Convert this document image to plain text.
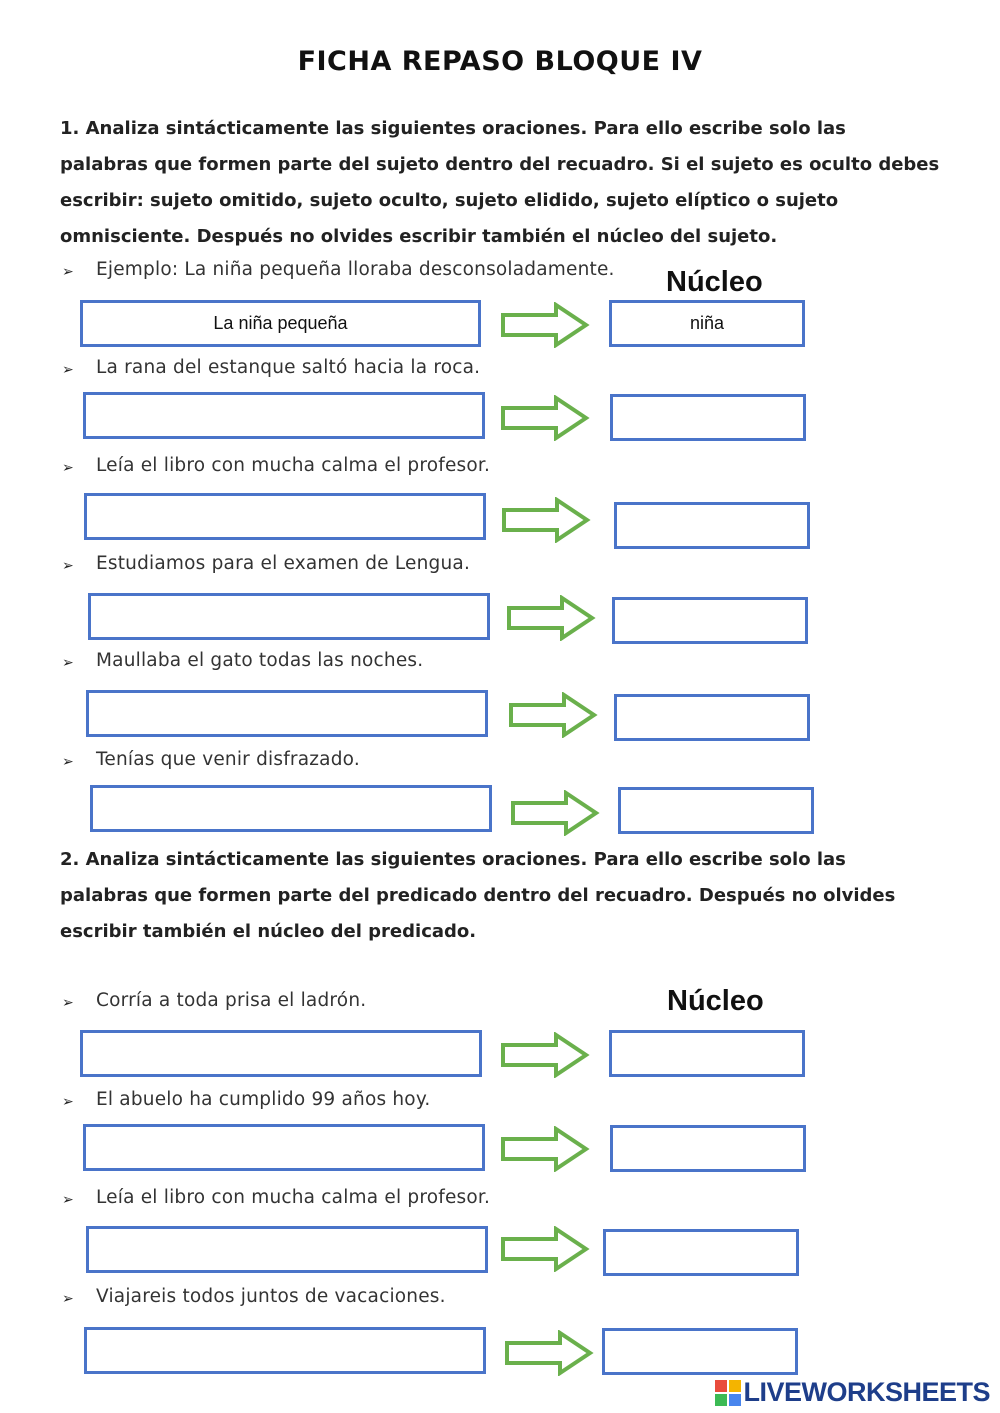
FICHA REPASO BLOQUE IV
1. Analiza sintácticamente las siguientes oraciones. Para ello escribe solo las palabras que formen parte del sujeto dentro del recuadro. Si el sujeto es oculto debes escribir: sujeto omitido, sujeto oculto, sujeto elidido, sujeto elíptico o sujeto omnisciente. Después no olvides escribir también el núcleo del sujeto.
➢ Ejemplo: La niña pequeña lloraba desconsoladamente. Núcleo
La niña pequeña	niña
➢ La rana del estanque saltó hacia la roca.
➢ Leía el libro con mucha calma el profesor.
➢ Estudiamos para el examen de Lengua.
➢ Maullaba el gato todas las noches.
➢ Tenías que venir disfrazado.
2. Analiza sintácticamente las siguientes oraciones. Para ello escribe solo las palabras que formen parte del predicado dentro del recuadro. Después no olvides escribir también el núcleo del predicado.
➢ Corría a toda prisa el ladrón.	Núcleo
➢ El abuelo ha cumplido 99 años hoy.
➢ Leía el libro con mucha calma el profesor.
➢ Viajareis todos juntos de vacaciones.
LIVEWORKSHEETS
